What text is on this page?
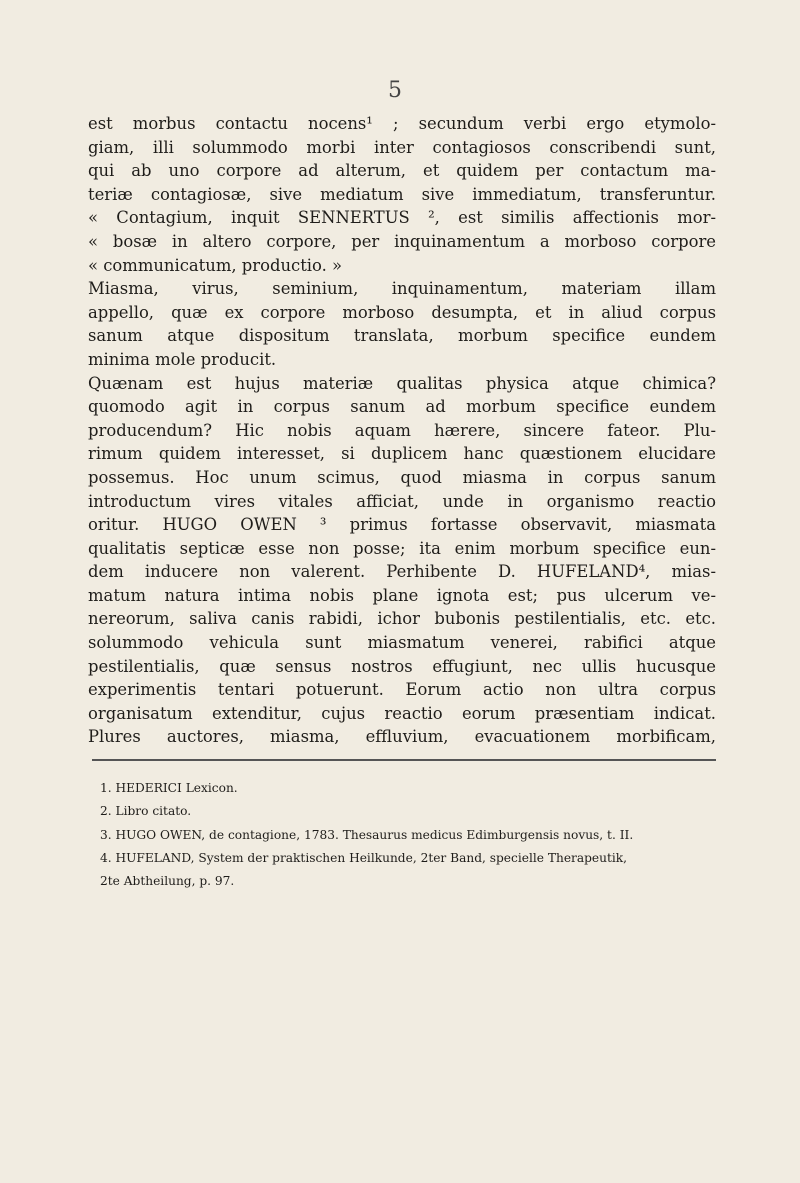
5
est morbus contactu nocens¹ ; secundum verbi ergo etymolo-
giam, illi solummodo morbi inter contagiosos conscribendi sunt,
qui ab uno corpore ad alterum, et quidem per contactum ma-
teriæ contagiosæ, sive mediatum sive immediatum, transferuntur.
« Contagium, inquit SENNERTUS ², est similis affectionis mor-
« bosæ in altero corpore, per inquinamentum a morboso corpore
« communicatum, productio. »
Miasma, virus, seminium, inquinamentum, materiam illam
appello, quæ ex corpore morboso desumpta, et in aliud corpus
sanum atque dispositum translata, morbum specifice eundem
minima mole producit.
Quænam est hujus materiæ qualitas physica atque chimica?
quomodo agit in corpus sanum ad morbum specifice eundem
producendum? Hic nobis aquam hærere, sincere fateor. Plu-
rimum quidem interesset, si duplicem hanc quæstionem elucidare
possemus. Hoc unum scimus, quod miasma in corpus sanum
introductum vires vitales afficiat, unde in organismo reactio
oritur. HUGO OWEN ³ primus fortasse observavit, miasmata
qualitatis septicæ esse non posse; ita enim morbum specifice eun-
dem inducere non valerent. Perhibente D. HUFELAND⁴, mias-
matum natura intima nobis plane ignota est; pus ulcerum ve-
nereorum, saliva canis rabidi, ichor bubonis pestilentialis, etc. etc.
solummodo vehicula sunt miasmatum venerei, rabifici atque
pestilentialis, quæ sensus nostros effugiunt, nec ullis hucusque
experimentis tentari potuerunt. Eorum actio non ultra corpus
organisatum extenditur, cujus reactio eorum præsentiam indicat.
Plures auctores, miasma, effluvium, evacuationem morbificam,
1. HEDERICI Lexicon.
2. Libro citato.
3. HUGO OWEN, de contagione, 1783. Thesaurus medicus Edimburgensis novus, t. II.
4. HUFELAND, System der praktischen Heilkunde, 2ter Band, specielle Therapeutik,
2te Abtheilung, p. 97.
